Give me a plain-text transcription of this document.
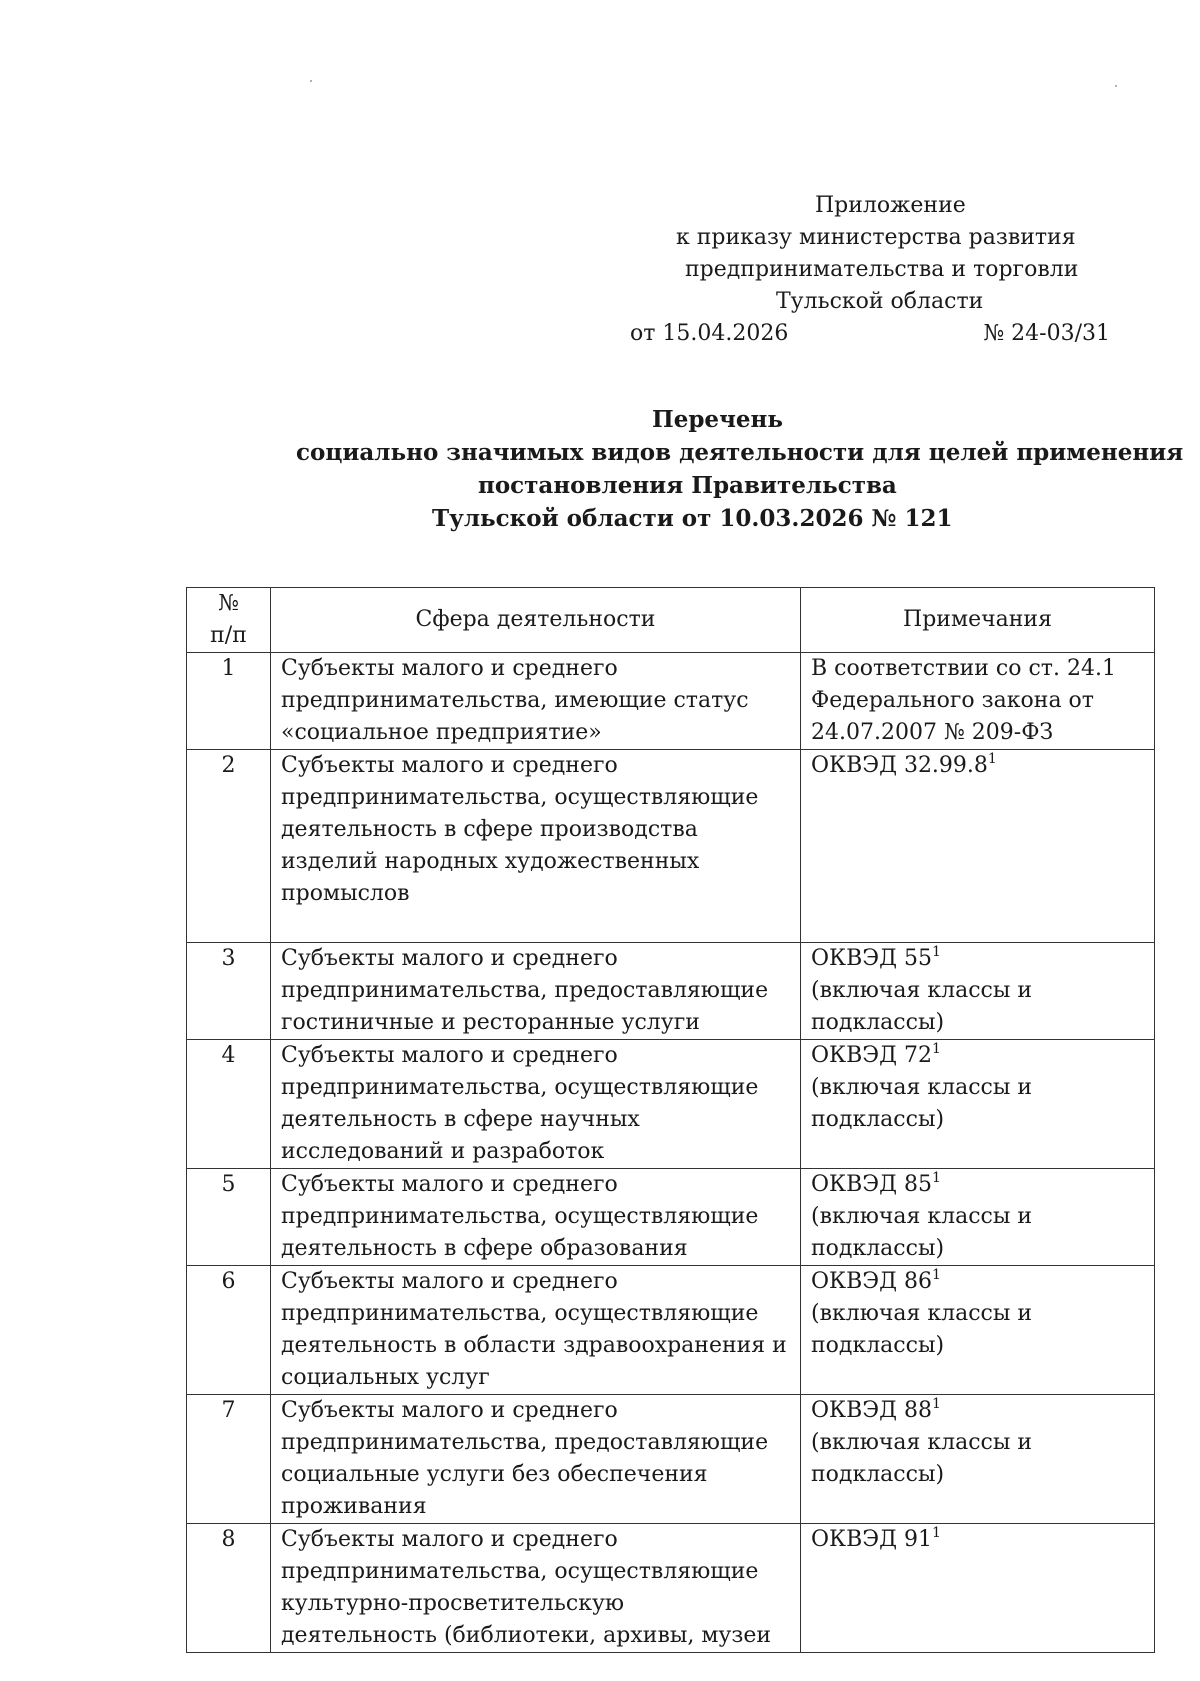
Приложение
к приказу министерства развития
предпринимательства и торговли
Тульской области
от 15.04.2026	№ 24-03/31
Перечень
социально значимых видов деятельности для целей применения
постановления Правительства
Тульской области от 10.03.2026 № 121
№
п/п	Сфера деятельности	Примечания
1	Субъекты малого и среднего
предпринимательства, имеющие статус
«социальное предприятие»	В соответствии со ст. 24.1
Федерального закона от
24.07.2007 № 209-ФЗ

2	Субъекты малого и среднего
предпринимательства, осуществляющие
деятельность в сфере производства
изделий народных художественных
промыслов	ОКВЭД 32.99.8$^1$

3	Субъекты малого и среднего
предпринимательства, предоставляющие
гостиничные и ресторанные услуги	ОКВЭД $55^1$
(включая классы и
подклассы)

4	Субъекты малого и среднего
предпринимательства, осуществляющие
деятельность в сфере научных
исследований и разработок	ОКВЭД $72^1$
(включая классы и
подклассы)

5	Субъекты малого и среднего
предпринимательства, осуществляющие
деятельность в сфере образования	ОКВЭД $85^1$
(включая классы и
подклассы)

6	Субъекты малого и среднего
предпринимательства, осуществляющие
деятельность в области здравоохранения и
социальных услуг	ОКВЭД $86^1$
(включая классы и
подклассы)

7	Субъекты малого и среднего
предпринимательства, предоставляющие
социальные услуги без обеспечения
проживания	ОКВЭД $88^1$
(включая классы и
подклассы)

8	Субъекты малого и среднего
предпринимательства, осуществляющие
культурно-просветительскую
деятельность (библиотеки, архивы, музеи	ОКВЭД $91^1$
